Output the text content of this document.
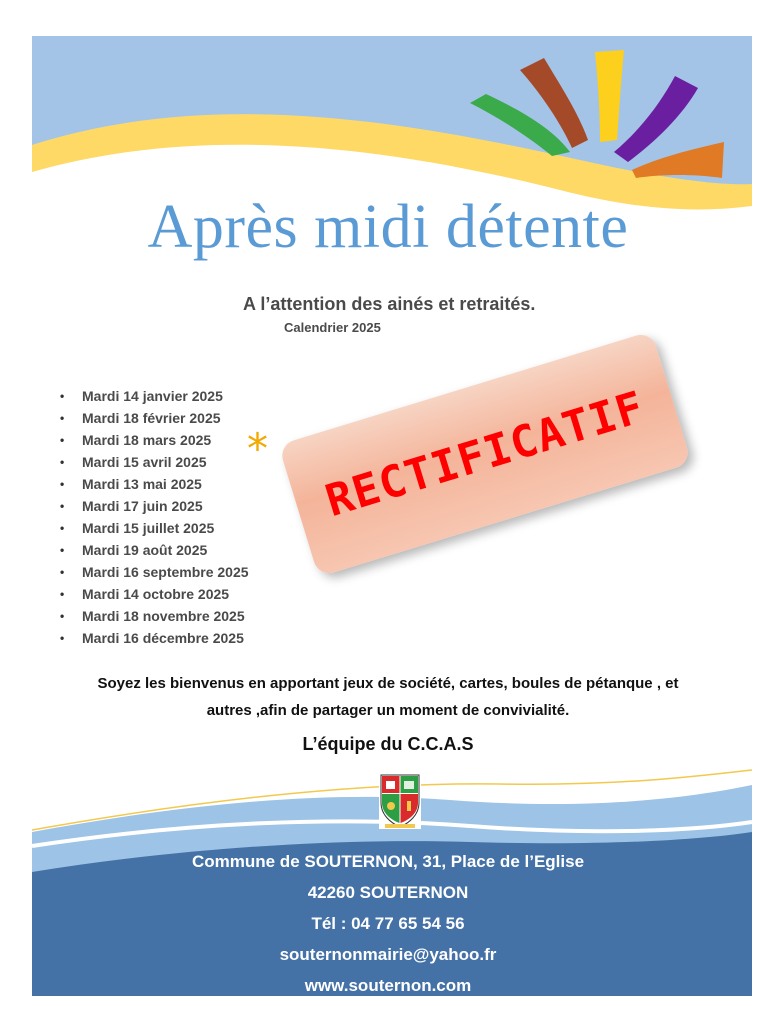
Après midi détente
A l’attention des ainés et retraités.
Calendrier 2025
• Mardi 14 janvier 2025
• Mardi 18 février 2025
• Mardi 18 mars 2025
• Mardi 15 avril 2025
• Mardi 13 mai 2025
• Mardi 17 juin 2025
• Mardi 15 juillet 2025
• Mardi 19 août 2025
• Mardi 16 septembre 2025
• Mardi 14 octobre 2025
• Mardi 18 novembre 2025
• Mardi 16 décembre 2025
* RECTIFICATIF
Soyez les bienvenus en apportant jeux de société, cartes, boules de pétanque , et
autres ,afin de partager un moment de convivialité.
L’équipe du C.C.A.S
Commune de SOUTERNON, 31, Place de l’Eglise
42260 SOUTERNON
Tél : 04 77 65 54 56
souternonmairie@yahoo.fr
www.souternon.com
